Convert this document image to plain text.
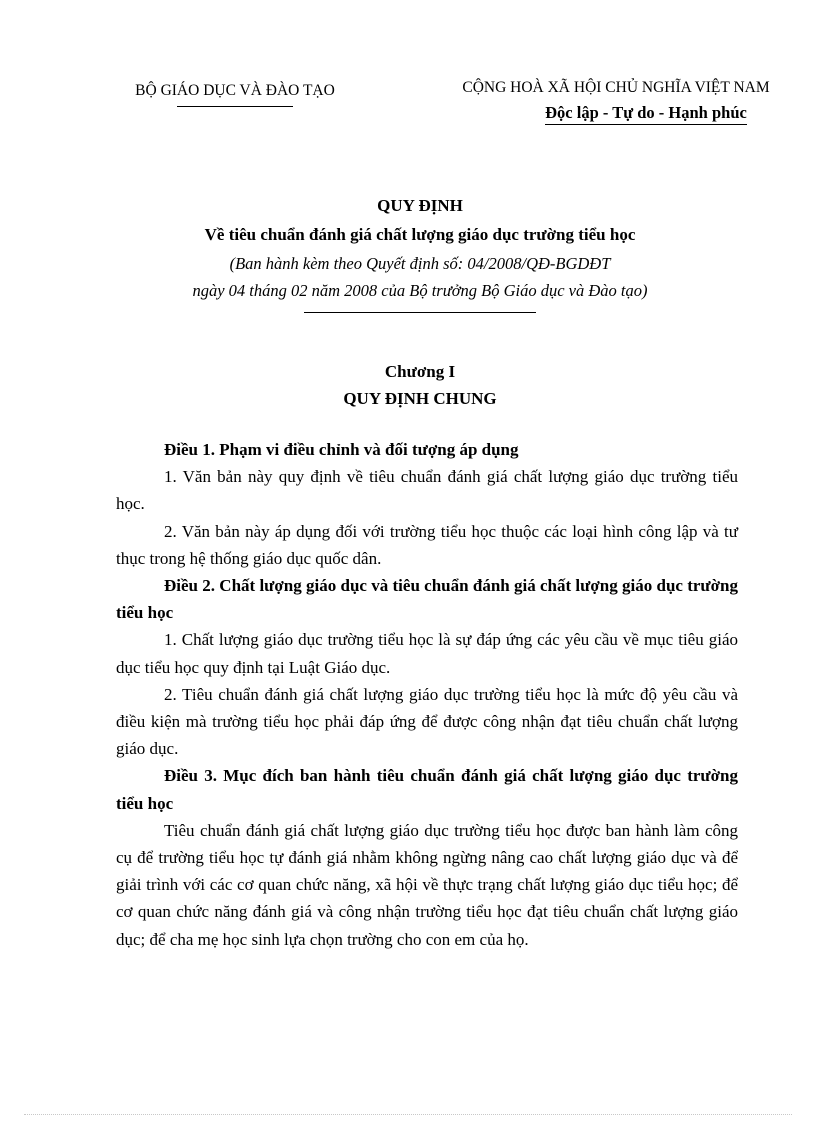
BỘ GIÁO DỤC VÀ ĐÀO TẠO	CỘNG HOÀ XÃ HỘI CHỦ NGHĨA VIỆT NAM
Độc lập - Tự do - Hạnh phúc
QUY ĐỊNH
Về tiêu chuẩn đánh giá chất lượng giáo dục trường tiểu học
(Ban hành kèm theo Quyết định số: 04/2008/QĐ-BGDĐT
ngày 04 tháng 02 năm 2008 của Bộ trưởng Bộ Giáo dục và Đào tạo)
Chương I
QUY ĐỊNH CHUNG

Điều 1. Phạm vi điều chỉnh và đối tượng áp dụng

1. Văn bản này quy định về tiêu chuẩn đánh giá chất lượng giáo dục trường tiểu học.

2. Văn bản này áp dụng đối với trường tiểu học thuộc các loại hình công lập và tư thục trong hệ thống giáo dục quốc dân.

Điều 2. Chất lượng giáo dục và tiêu chuẩn đánh giá chất lượng giáo dục trường tiểu học

1. Chất lượng giáo dục trường tiểu học là sự đáp ứng các yêu cầu về mục tiêu giáo dục tiểu học quy định tại Luật Giáo dục.

2. Tiêu chuẩn đánh giá chất lượng giáo dục trường tiểu học là mức độ yêu cầu và điều kiện mà trường tiểu học phải đáp ứng để được công nhận đạt tiêu chuẩn chất lượng giáo dục.

Điều 3. Mục đích ban hành tiêu chuẩn đánh giá chất lượng giáo dục trường tiểu học

Tiêu chuẩn đánh giá chất lượng giáo dục trường tiểu học được ban hành làm công cụ để trường tiểu học tự đánh giá nhằm không ngừng nâng cao chất lượng giáo dục và để giải trình với các cơ quan chức năng, xã hội về thực trạng chất lượng giáo dục tiểu học; để cơ quan chức năng đánh giá và công nhận trường tiểu học đạt tiêu chuẩn chất lượng giáo dục; để cha mẹ học sinh lựa chọn trường cho con em của họ.
